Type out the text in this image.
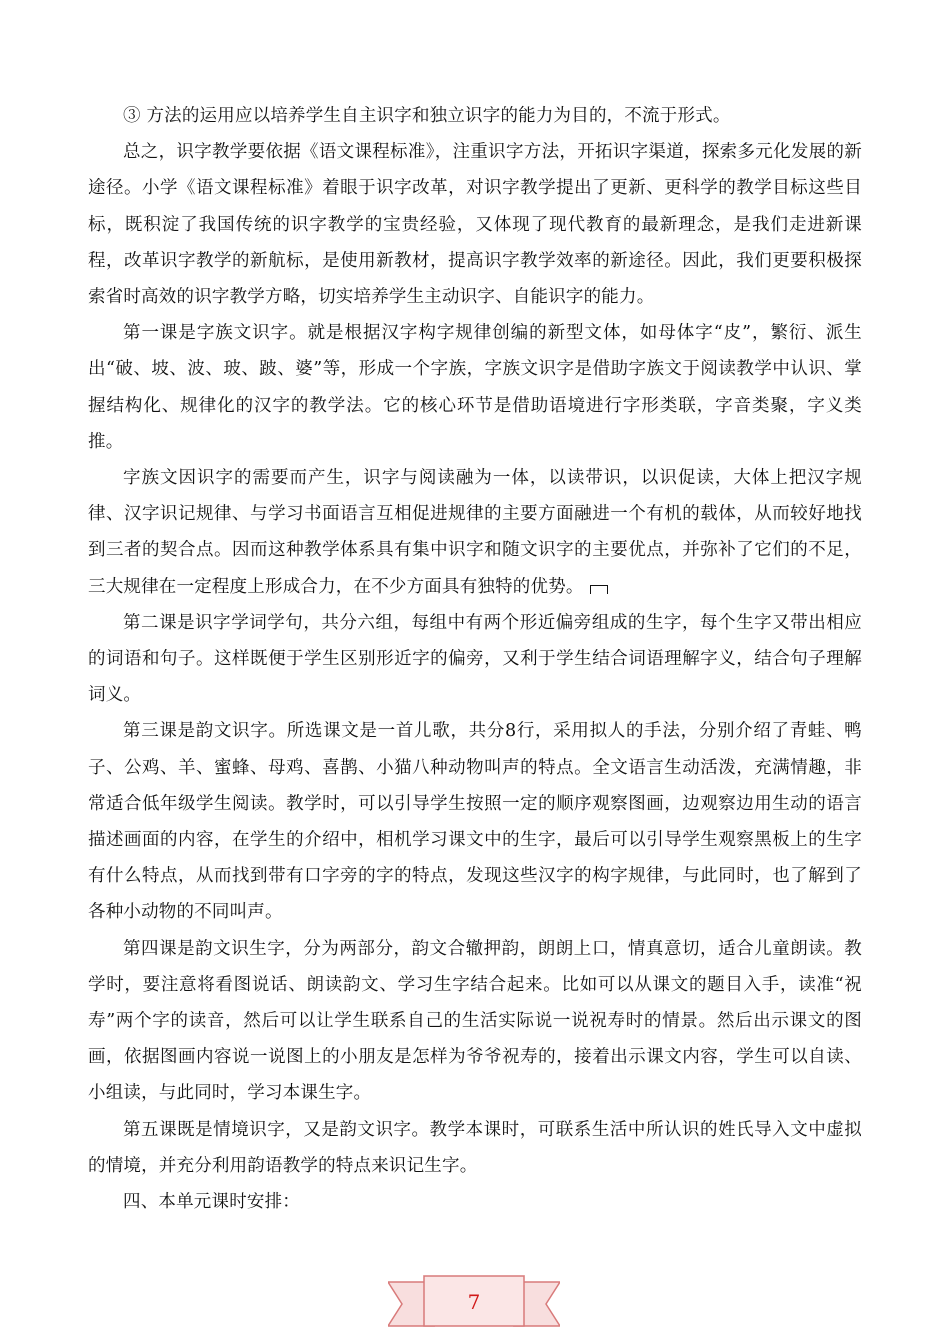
③ 方法的运用应以培养学生自主识字和独立识字的能力为目的，不流于形式。

总之，识字教学要依据《语文课程标准》，注重识字方法，开拓识字渠道，探索多元化发展的新途径。小学《语文课程标准》着眼于识字改革，对识字教学提出了更新、更科学的教学目标这些目标，既积淀了我国传统的识字教学的宝贵经验，又体现了现代教育的最新理念，是我们走进新课程，改革识字教学的新航标，是使用新教材，提高识字教学效率的新途径。因此，我们更要积极探索省时高效的识字教学方略，切实培养学生主动识字、自能识字的能力。

第一课是字族文识字。就是根据汉字构字规律创编的新型文体，如母体字“皮”，繁衍、派生出“破、坡、波、玻、跛、婆”等，形成一个字族，字族文识字是借助字族文于阅读教学中认识、掌握结构化、规律化的汉字的教学法。它的核心环节是借助语境进行字形类联，字音类聚，字义类推。

字族文因识字的需要而产生，识字与阅读融为一体，以读带识，以识促读，大体上把汉字规律、汉字识记规律、与学习书面语言互相促进规律的主要方面融进一个有机的载体，从而较好地找到三者的契合点。因而这种教学体系具有集中识字和随文识字的主要优点，并弥补了它们的不足，三大规律在一定程度上形成合力，在不少方面具有独特的优势。

第二课是识字学词学句，共分六组，每组中有两个形近偏旁组成的生字，每个生字又带出相应的词语和句子。这样既便于学生区别形近字的偏旁，又利于学生结合词语理解字义，结合句子理解词义。

第三课是韵文识字。所选课文是一首儿歌，共分8行，采用拟人的手法，分别介绍了青蛙、鸭子、公鸡、羊、蜜蜂、母鸡、喜鹊、小猫八种动物叫声的特点。全文语言生动活泼，充满情趣，非常适合低年级学生阅读。教学时，可以引导学生按照一定的顺序观察图画，边观察边用生动的语言描述画面的内容，在学生的介绍中，相机学习课文中的生字，最后可以引导学生观察黑板上的生字有什么特点，从而找到带有口字旁的字的特点，发现这些汉字的构字规律，与此同时，也了解到了各种小动物的不同叫声。

第四课是韵文识生字，分为两部分，韵文合辙押韵，朗朗上口，情真意切，适合儿童朗读。教学时，要注意将看图说话、朗读韵文、学习生字结合起来。比如可以从课文的题目入手，读准“祝寿”两个字的读音，然后可以让学生联系自己的生活实际说一说祝寿时的情景。然后出示课文的图画，依据图画内容说一说图上的小朋友是怎样为爷爷祝寿的，接着出示课文内容，学生可以自读、小组读，与此同时，学习本课生字。

第五课既是情境识字，又是韵文识字。教学本课时，可联系生活中所认识的姓氏导入文中虚拟的情境，并充分利用韵语教学的特点来识记生字。

四、本单元课时安排：

7
